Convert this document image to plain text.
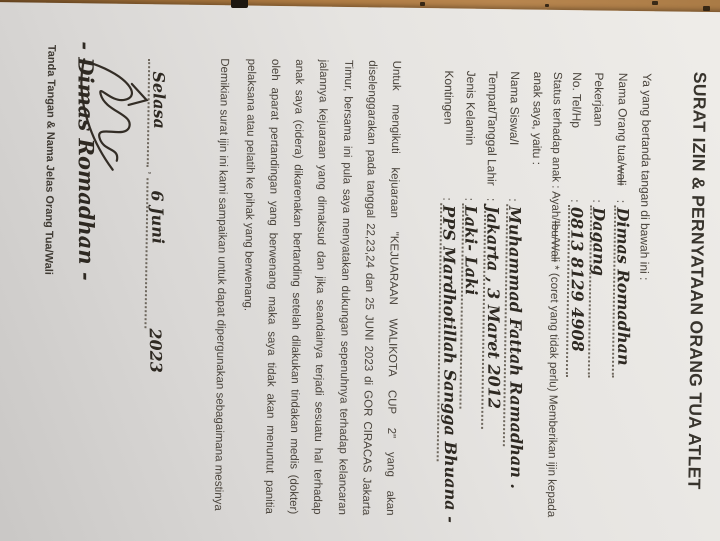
SURAT IZIN & PERNYATAAN ORANG TUA ATLET
Ya yang bertanda tangan di bawah ini :
Nama Orang tua/wali
:
Dimas Romadhan
Pekerjaan
:
Dagang
No. Tel/Hp
:
0813 8129 4908
Status terhadap anak : Ayah/Ibu/Wali * (coret yang tidak perlu) Memberikan ijin kepada
anak saya, yaitu :
Nama Siswa/I
:
Muhammad Fattah Ramadhan .
Tempat/Tanggal Lahir
:
Jakarta , 3 Maret 2012
Jenis Kelamin
:
Laki- Laki
Kontingen
:
PPS Mardhotillah Sangga Bhuana -
Untuk mengikuti kejuaraan "KEJUARAAN WALIKOTA CUP 2" yang akan diselenggarakan pada tanggal 22,23,24 dan 25 JUNI 2023 di GOR CIRACAS Jakarta Timur, bersama ini pula saya menyatakan dukungan sepenuhnya terhadap kelancaran jalannya kejuaraan yang dimaksud dan jika seandainya terjadi sesuatu hal terhadap anak saya (cidera) dikarenakan bertanding setelah dilakukan tindakan medis (dokter) oleh aparat pertandingan yang berwenang maka saya tidak akan menuntut panitia pelaksana atau pelatih ke pihak yang berwenang.
Demikian surat ijin ini kami sampaikan untuk dapat dipergunakan sebagaimana mestinya
Selasa
,
6 Juni
2023
- Dimas Romadhan -
Tanda Tangan & Nama Jelas Orang Tua/Wali
